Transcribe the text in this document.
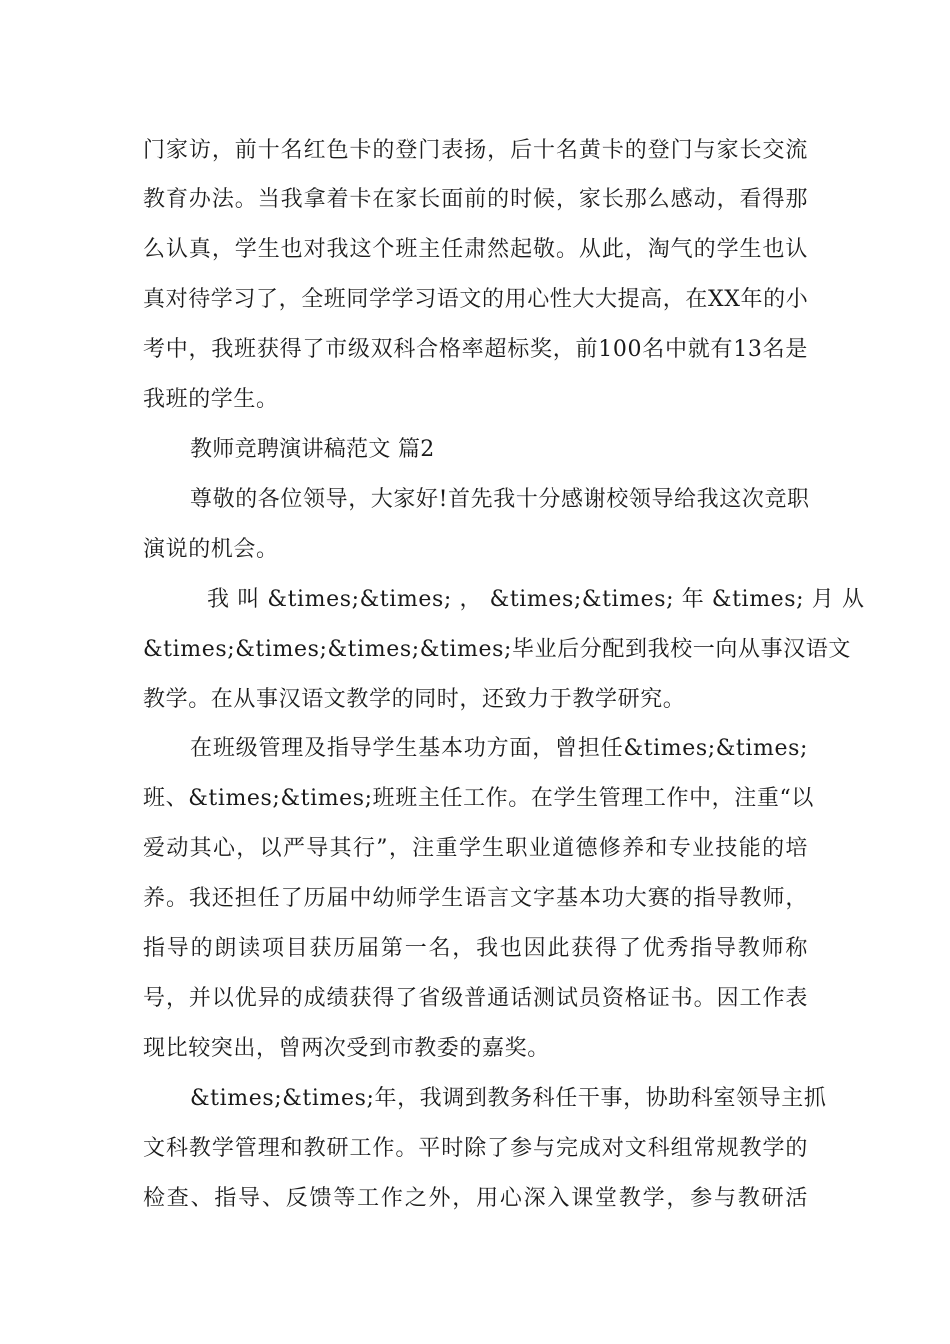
门家访，前十名红色卡的登门表扬，后十名黄卡的登门与家长交流
教育办法。当我拿着卡在家长面前的时候，家长那么感动，看得那
么认真，学生也对我这个班主任肃然起敬。从此，淘气的学生也认
真对待学习了，全班同学学习语文的用心性大大提高，在XX年的小
考中，我班获得了市级双科合格率超标奖，前100名中就有13名是
我班的学生。
教师竞聘演讲稿范文 篇2
尊敬的各位领导，大家好!首先我十分感谢校领导给我这次竞职
演说的机会。
我 叫 &times;&times; ， &times;&times; 年 &times; 月 从
&times;&times;&times;&times;毕业后分配到我校一向从事汉语文
教学。在从事汉语文教学的同时，还致力于教学研究。
在班级管理及指导学生基本功方面，曾担任&times;&times;
班、&times;&times;班班主任工作。在学生管理工作中，注重“以
爱动其心，以严导其行”，注重学生职业道德修养和专业技能的培
养。我还担任了历届中幼师学生语言文字基本功大赛的指导教师，
指导的朗读项目获历届第一名，我也因此获得了优秀指导教师称
号，并以优异的成绩获得了省级普通话测试员资格证书。因工作表
现比较突出，曾两次受到市教委的嘉奖。
&times;&times;年，我调到教务科任干事，协助科室领导主抓
文科教学管理和教研工作。平时除了参与完成对文科组常规教学的
检查、指导、反馈等工作之外，用心深入课堂教学，参与教研活
